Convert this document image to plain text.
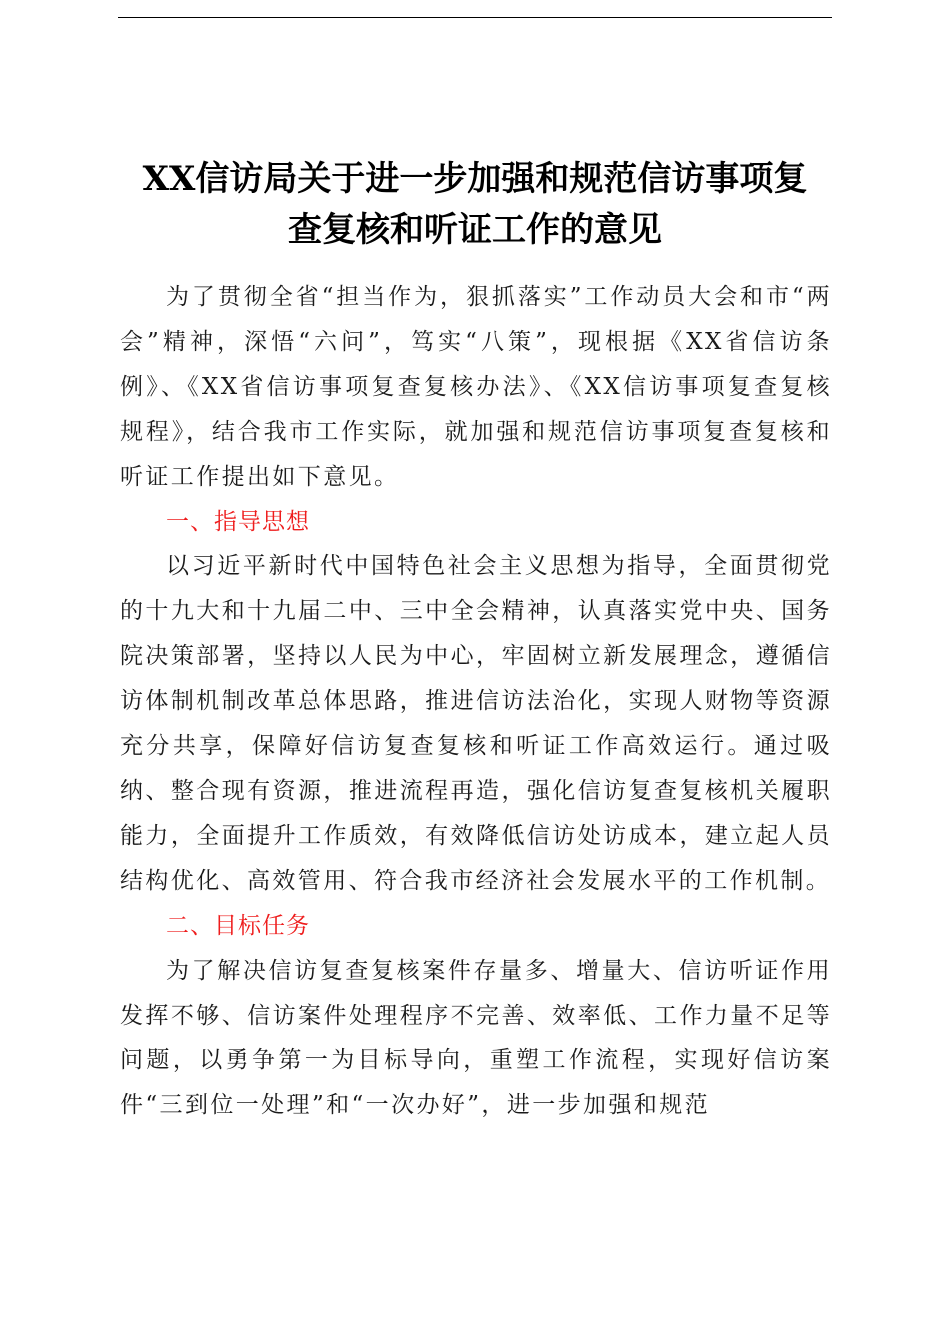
XX信访局关于进一步加强和规范信访事项复
查复核和听证工作的意见

为了贯彻全省“担当作为，狠抓落实”工作动员大会和市“两会”精神，深悟“六问”，笃实“八策”，现根据《XX省信访条例》、《XX省信访事项复查复核办法》、《XX信访事项复查复核规程》，结合我市工作实际，就加强和规范信访事项复查复核和听证工作提出如下意见。

一、指导思想

以习近平新时代中国特色社会主义思想为指导，全面贯彻党的十九大和十九届二中、三中全会精神，认真落实党中央、国务院决策部署，坚持以人民为中心，牢固树立新发展理念，遵循信访体制机制改革总体思路，推进信访法治化，实现人财物等资源充分共享，保障好信访复查复核和听证工作高效运行。通过吸纳、整合现有资源，推进流程再造，强化信访复查复核机关履职能力，全面提升工作质效，有效降低信访处访成本，建立起人员结构优化、高效管用、符合我市经济社会发展水平的工作机制。

二、目标任务

为了解决信访复查复核案件存量多、增量大、信访听证作用发挥不够、信访案件处理程序不完善、效率低、工作力量不足等问题，以勇争第一为目标导向，重塑工作流程，实现好信访案件“三到位一处理”和“一次办好”，进一步加强和规范
